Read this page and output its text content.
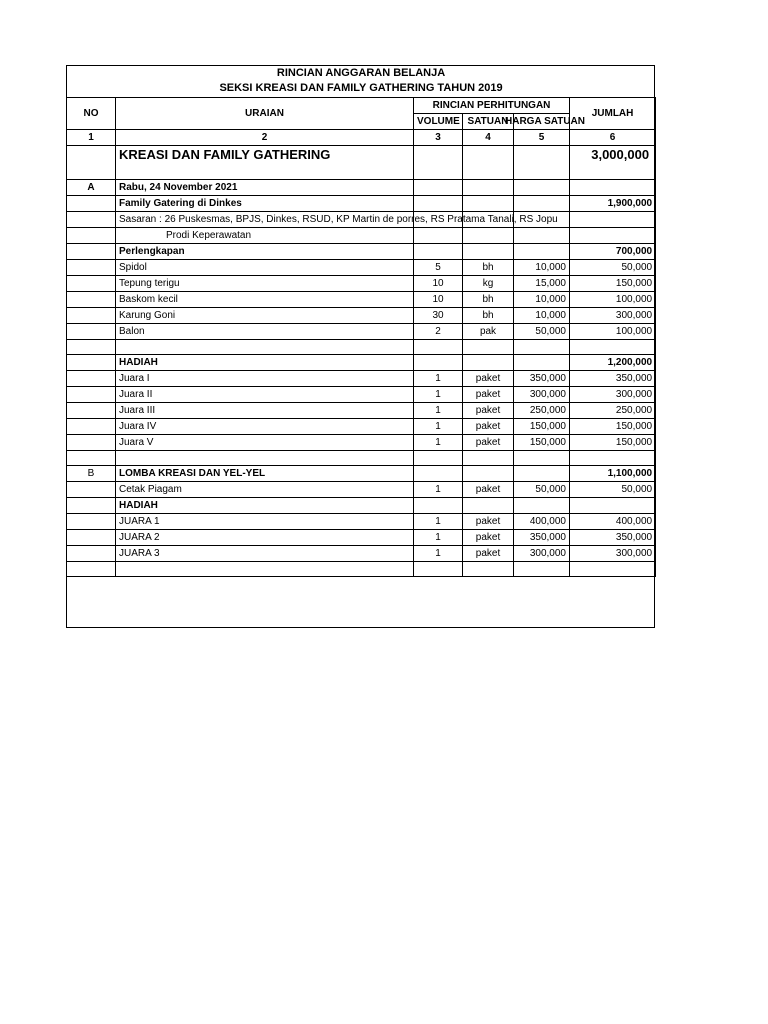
RINCIAN ANGGARAN BELANJA					
SEKSI KREASI DAN FAMILY GATHERING TAHUN 2019					
NO	URAIAN	RINCIAN PERHITUNGAN			JUMLAH
		VOLUME	SATUAN	HARGA SATUAN	
1	2	3	4	5	6
	KREASI DAN FAMILY GATHERING				3,000,000
A	Rabu, 24 November 2021				
	Family Gatering di Dinkes				1,900,000
	Sasaran : 26 Puskesmas, BPJS, Dinkes, RSUD, KP Martin de porres, RS Pratama Tanali, RS Jopu				
	Prodi Keperawatan				
	Perlengkapan				700,000
	Spidol	5	bh	10,000	50,000
	Tepung terigu	10	kg	15,000	150,000
	Baskom kecil	10	bh	10,000	100,000
	Karung Goni	30	bh	10,000	300,000
	Balon	2	pak	50,000	100,000

	HADIAH				1,200,000
	Juara I	1	paket	350,000	350,000
	Juara II	1	paket	300,000	300,000
	Juara III	1	paket	250,000	250,000
	Juara IV	1	paket	150,000	150,000
	Juara V	1	paket	150,000	150,000

B	LOMBA KREASI DAN YEL-YEL				1,100,000
	Cetak Piagam	1	paket	50,000	50,000
	HADIAH				
	JUARA 1	1	paket	400,000	400,000
	JUARA 2	1	paket	350,000	350,000
	JUARA 3	1	paket	300,000	300,000
